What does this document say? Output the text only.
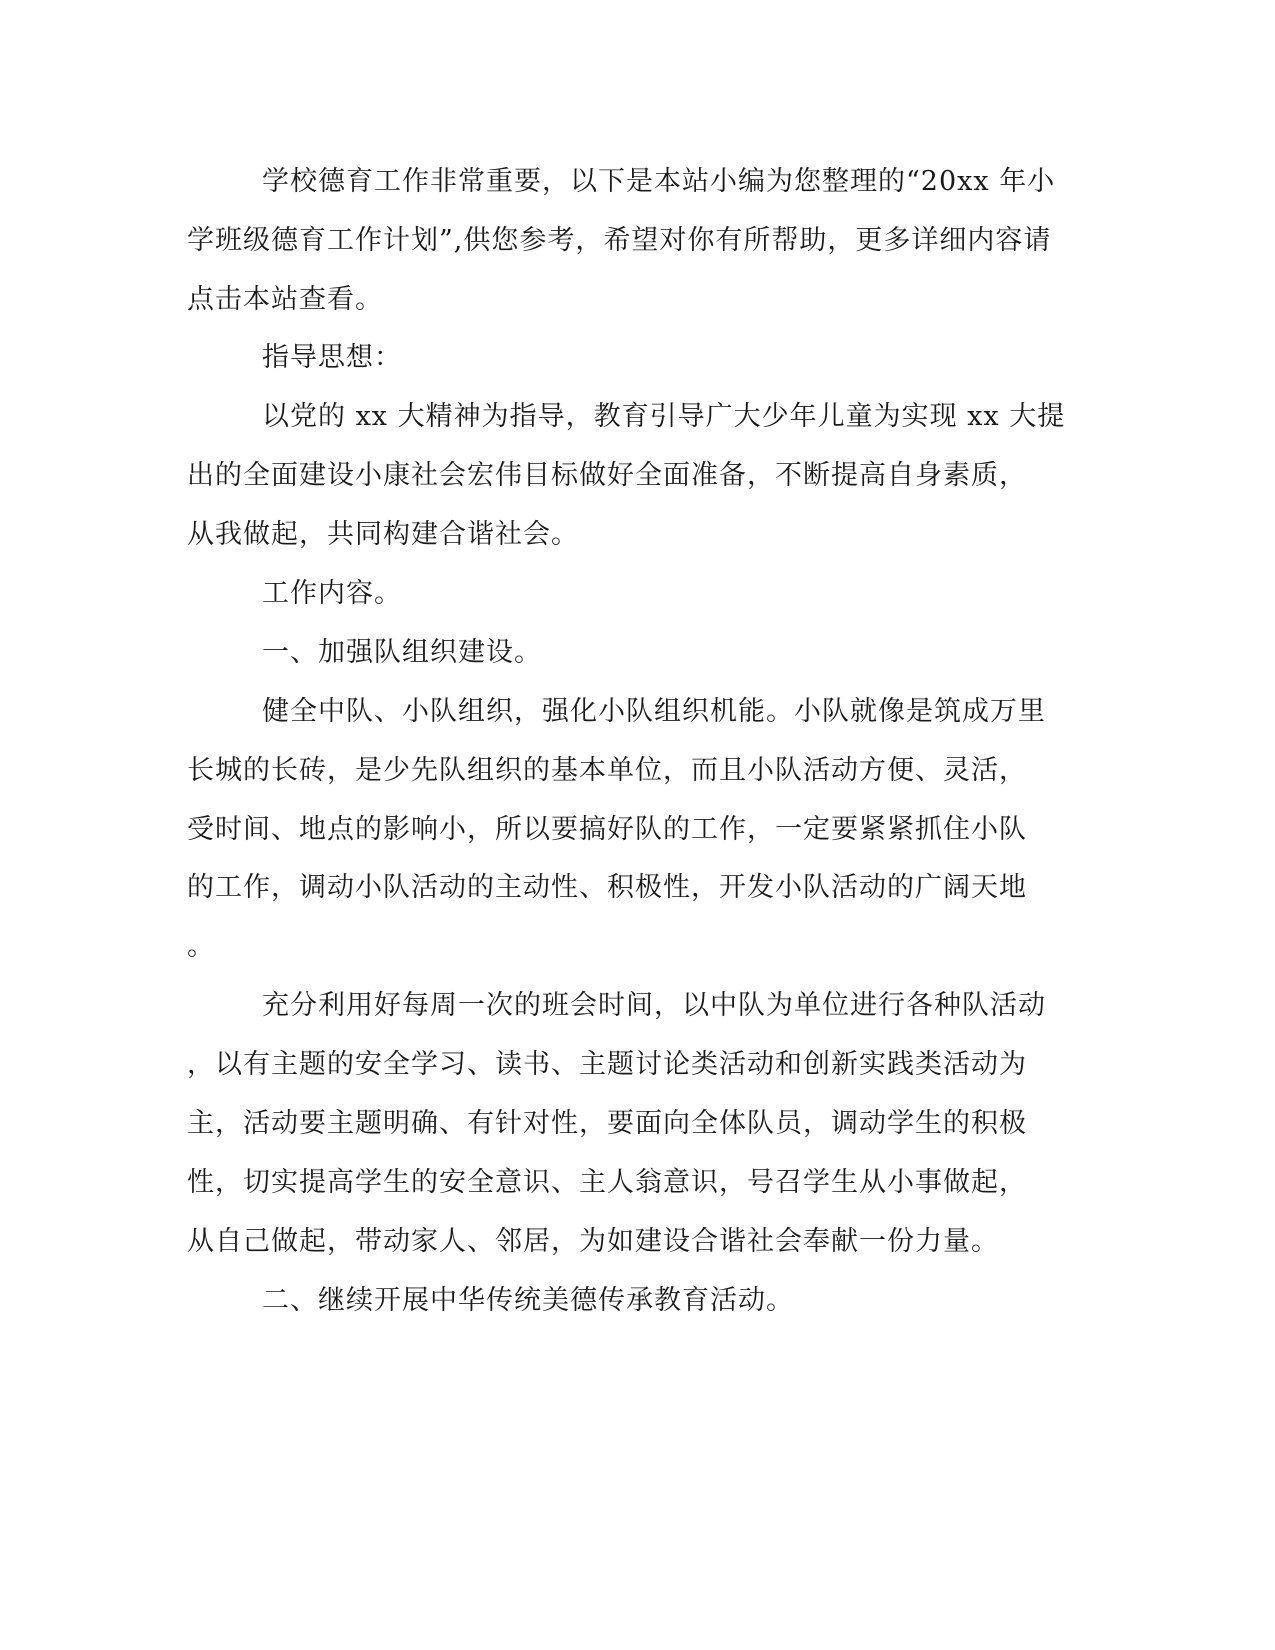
学校德育工作非常重要，以下是本站小编为您整理的“20xx 年小
学班级德育工作计划”,供您参考，希望对你有所帮助，更多详细内容请
点击本站查看。
指导思想：
以党的 xx 大精神为指导，教育引导广大少年儿童为实现 xx 大提
出的全面建设小康社会宏伟目标做好全面准备，不断提高自身素质，
从我做起，共同构建合谐社会。
工作内容。
一、加强队组织建设。
健全中队、小队组织，强化小队组织机能。小队就像是筑成万里
长城的长砖，是少先队组织的基本单位，而且小队活动方便、灵活，
受时间、地点的影响小，所以要搞好队的工作，一定要紧紧抓住小队
的工作，调动小队活动的主动性、积极性，开发小队活动的广阔天地
。
充分利用好每周一次的班会时间，以中队为单位进行各种队活动
，以有主题的安全学习、读书、主题讨论类活动和创新实践类活动为
主，活动要主题明确、有针对性，要面向全体队员，调动学生的积极
性，切实提高学生的安全意识、主人翁意识，号召学生从小事做起，
从自己做起，带动家人、邻居，为如建设合谐社会奉献一份力量。
二、继续开展中华传统美德传承教育活动。
